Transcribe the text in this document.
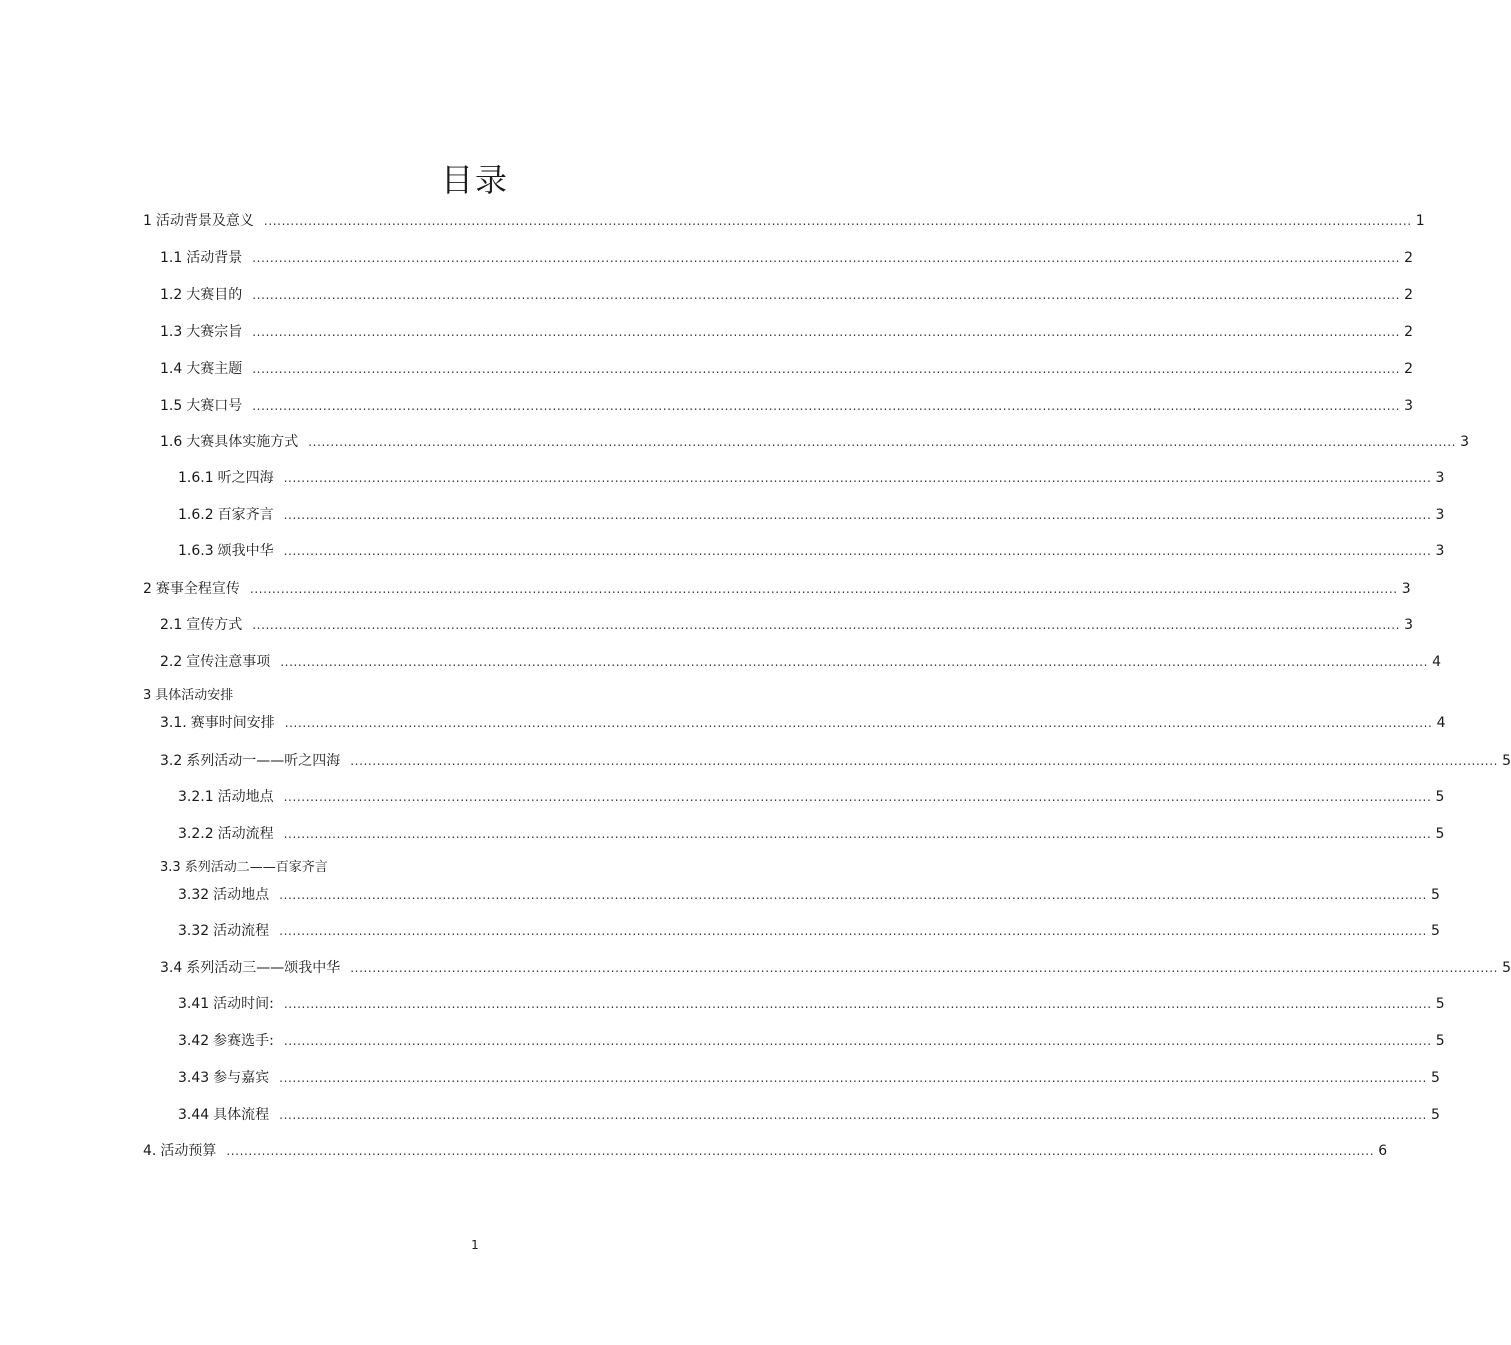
目录
1 活动背景及意义 .................................................................................................................................................................................................................................................................... 1
1.1 活动背景 .................................................................................................................................................................................................................................................................... 2
1.2 大赛目的 .................................................................................................................................................................................................................................................................... 2
1.3 大赛宗旨 .................................................................................................................................................................................................................................................................... 2
1.4 大赛主题 .................................................................................................................................................................................................................................................................... 2
1.5 大赛口号 .................................................................................................................................................................................................................................................................... 3
1.6 大赛具体实施方式 .................................................................................................................................................................................................................................................................... 3
1.6.1 听之四海 .................................................................................................................................................................................................................................................................... 3
1.6.2 百家齐言 .................................................................................................................................................................................................................................................................... 3
1.6.3 颂我中华 .................................................................................................................................................................................................................................................................... 3
2 赛事全程宣传 .................................................................................................................................................................................................................................................................... 3
2.1 宣传方式 .................................................................................................................................................................................................................................................................... 3
2.2 宣传注意事项 .................................................................................................................................................................................................................................................................... 4
3 具体活动安排
3.1. 赛事时间安排 .................................................................................................................................................................................................................................................................... 4
3.2 系列活动一——听之四海 .................................................................................................................................................................................................................................................................... 5
3.2.1 活动地点 .................................................................................................................................................................................................................................................................... 5
3.2.2 活动流程 .................................................................................................................................................................................................................................................................... 5
3.3 系列活动二——百家齐言
3.32 活动地点 .................................................................................................................................................................................................................................................................... 5
3.32 活动流程 .................................................................................................................................................................................................................................................................... 5
3.4 系列活动三——颂我中华 .................................................................................................................................................................................................................................................................... 5
3.41 活动时间: .................................................................................................................................................................................................................................................................... 5
3.42 参赛选手: .................................................................................................................................................................................................................................................................... 5
3.43 参与嘉宾 .................................................................................................................................................................................................................................................................... 5
3.44 具体流程 .................................................................................................................................................................................................................................................................... 5
4. 活动预算 .................................................................................................................................................................................................................................................................... 6
1
